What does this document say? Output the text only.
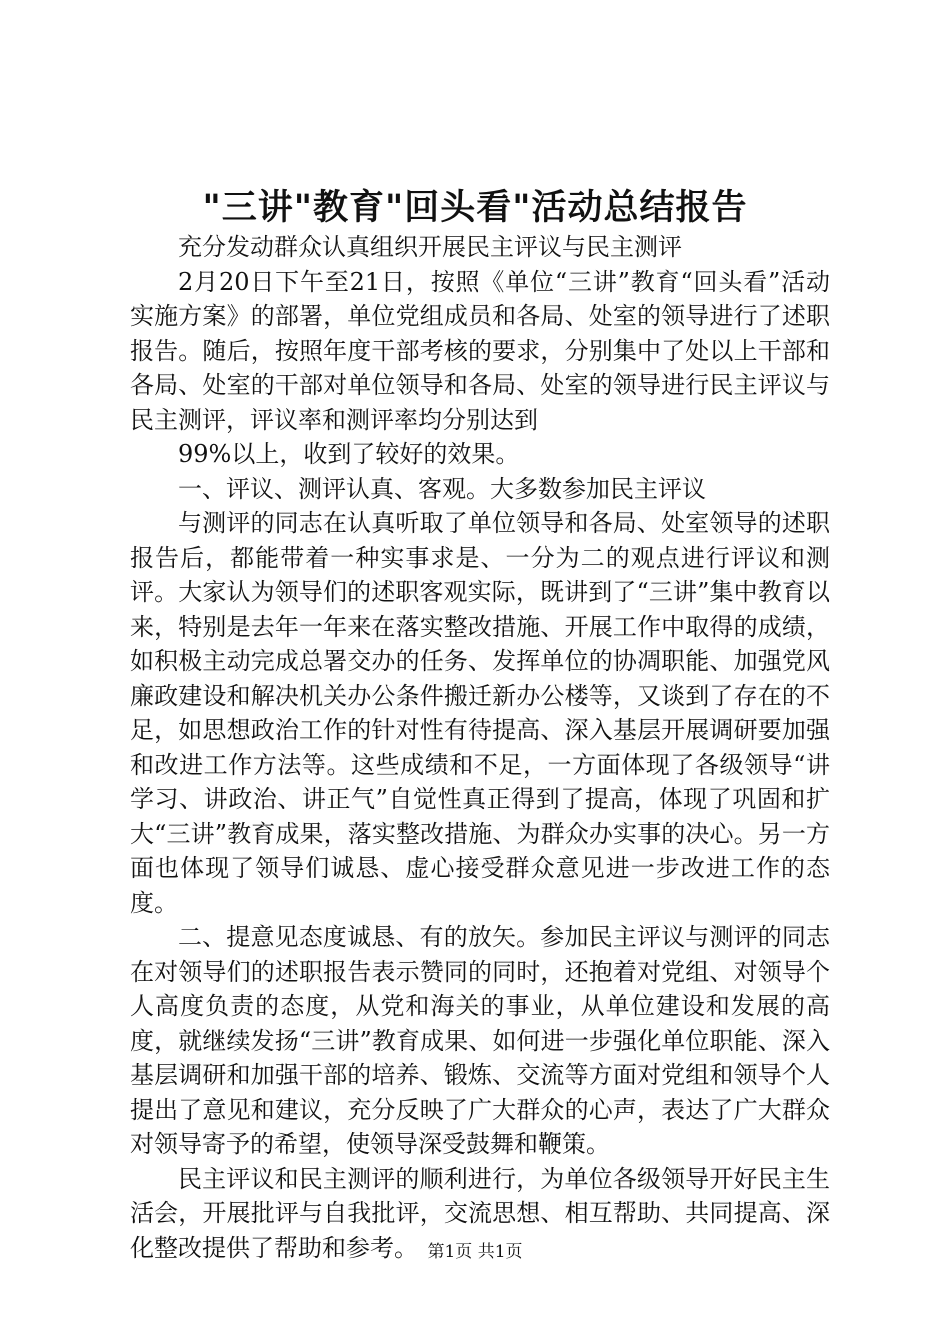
"三讲"教育"回头看"活动总结报告

充分发动群众认真组织开展民主评议与民主测评

2月20日下午至21日，按照《单位“三讲”教育“回头看”活动实施方案》的部署，单位党组成员和各局、处室的领导进行了述职报告。随后，按照年度干部考核的要求，分别集中了处以上干部和各局、处室的干部对单位领导和各局、处室的领导进行民主评议与民主测评，评议率和测评率均分别达到

99%以上，收到了较好的效果。

一、评议、测评认真、客观。大多数参加民主评议

与测评的同志在认真听取了单位领导和各局、处室领导的述职报告后，都能带着一种实事求是、一分为二的观点进行评议和测评。大家认为领导们的述职客观实际，既讲到了“三讲”集中教育以来，特别是去年一年来在落实整改措施、开展工作中取得的成绩，如积极主动完成总署交办的任务、发挥单位的协凋职能、加强党风廉政建设和解决机关办公条件搬迁新办公楼等，又谈到了存在的不足，如思想政治工作的针对性有待提高、深入基层开展调研要加强和改进工作方法等。这些成绩和不足，一方面体现了各级领导“讲学习、讲政治、讲正气”自觉性真正得到了提高，体现了巩固和扩大“三讲”教育成果，落实整改措施、为群众办实事的决心。另一方面也体现了领导们诚恳、虚心接受群众意见进一步改进工作的态度。

二、提意见态度诚恳、有的放矢。参加民主评议与测评的同志在对领导们的述职报告表示赞同的同时，还抱着对党组、对领导个人高度负责的态度，从党和海关的事业，从单位建设和发展的高度，就继续发扬“三讲”教育成果、如何进一步强化单位职能、深入基层调研和加强干部的培养、锻炼、交流等方面对党组和领导个人提出了意见和建议，充分反映了广大群众的心声，表达了广大群众对领导寄予的希望，使领导深受鼓舞和鞭策。

民主评议和民主测评的顺利进行，为单位各级领导开好民主生活会，开展批评与自我批评，交流思想、相互帮助、共同提高、深化整改提供了帮助和参考。 第1页 共1页
